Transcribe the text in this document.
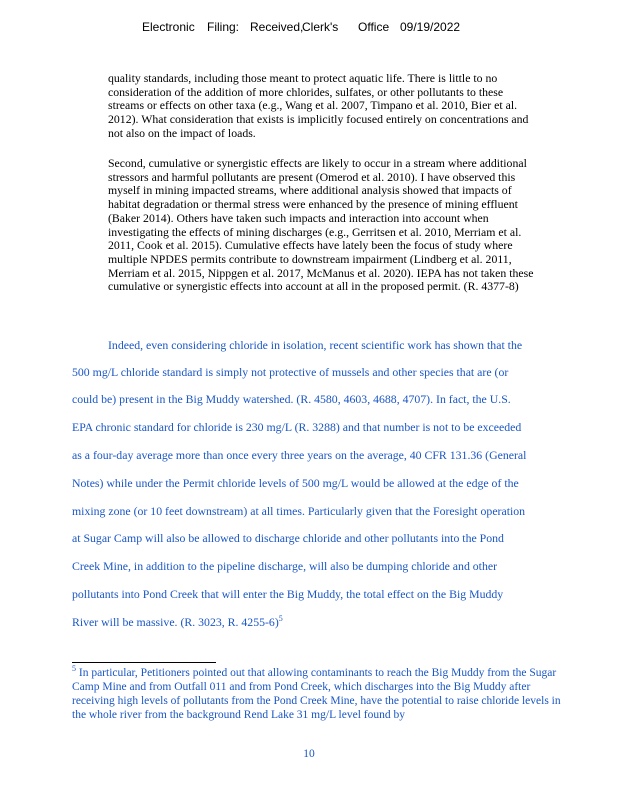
Electronic Filing: Received,
Clerk's Office 09/19/2022

quality standards, including those meant to protect aquatic life. There is little to no consideration of the addition of more chlorides, sulfates, or other pollutants to these streams or effects on other taxa (e.g., Wang et al. 2007, Timpano et al. 2010, Bier et al. 2012). What consideration that exists is implicitly focused entirely on concentrations and not also on the impact of loads.

Second, cumulative or synergistic effects are likely to occur in a stream where additional stressors and harmful pollutants are present (Omerod et al. 2010). I have observed this myself in mining impacted streams, where additional analysis showed that impacts of habitat degradation or thermal stress were enhanced by the presence of mining effluent (Baker 2014). Others have taken such impacts and interaction into account when investigating the effects of mining discharges (e.g., Gerritsen et al. 2010, Merriam et al. 2011, Cook et al. 2015). Cumulative effects have lately been the focus of study where multiple NPDES permits contribute to downstream impairment (Lindberg et al. 2011, Merriam et al. 2015, Nippgen et al. 2017, McManus et al. 2020). IEPA has not taken these cumulative or synergistic effects into account at all in the proposed permit. (R. 4377-8)

Indeed, even considering chloride in isolation, recent scientific work has shown that the
500 mg/L chloride standard is simply not protective of mussels and other species that are (or
could be) present in the Big Muddy watershed. (R. 4580, 4603, 4688, 4707). In fact, the U.S.
EPA chronic standard for chloride is 230 mg/L (R. 3288) and that number is not to be exceeded
as a four-day average more than once every three years on the average, 40 CFR 131.36 (General
Notes) while under the Permit chloride levels of 500 mg/L would be allowed at the edge of the
mixing zone (or 10 feet downstream) at all times. Particularly given that the Foresight operation
at Sugar Camp will also be allowed to discharge chloride and other pollutants into the Pond
Creek Mine, in addition to the pipeline discharge, will also be dumping chloride and other
pollutants into Pond Creek that will enter the Big Muddy, the total effect on the Big Muddy
River will be massive. (R. 3023, R. 4255-6)$^5$

$^5$ In particular, Petitioners pointed out that allowing contaminants to reach the Big Muddy from the Sugar Camp Mine and from Outfall 011 and from Pond Creek, which discharges into the Big Muddy after receiving high levels of pollutants from the Pond Creek Mine, have the potential to raise chloride levels in the whole river from the background Rend Lake 31 mg/L level found by

10
